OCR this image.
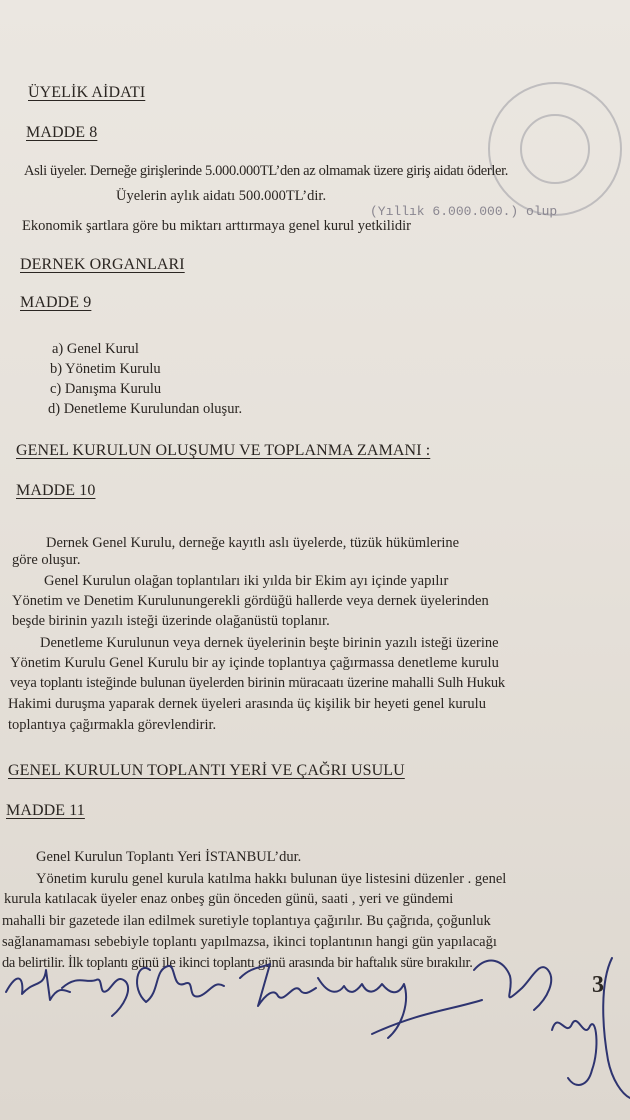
ÜYELİK AİDATI
MADDE 8
Asli üyeler. Derneğe girişlerinde 5.000.000TL’den az olmamak üzere giriş aidatı öderler.
Üyelerin aylık aidatı 500.000TL’dir.
(Yıllık 6.000.000.) olup
Ekonomik şartlara göre bu miktarı arttırmaya genel kurul yetkilidir
DERNEK ORGANLARI
MADDE 9
a) Genel Kurul
b) Yönetim Kurulu
c) Danışma Kurulu
d) Denetleme Kurulundan oluşur.
GENEL KURULUN OLUŞUMU VE TOPLANMA ZAMANI :
MADDE 10
Dernek Genel Kurulu, derneğe kayıtlı aslı üyelerde, tüzük hükümlerine
göre oluşur.
Genel Kurulun olağan toplantıları iki yılda bir Ekim ayı içinde yapılır
Yönetim ve Denetim Kurulunungerekli gördüğü hallerde veya dernek üyelerinden
beşde birinin yazılı isteği üzerinde olağanüstü toplanır.
Denetleme Kurulunun veya dernek üyelerinin beşte birinin yazılı isteği üzerine
Yönetim Kurulu Genel Kurulu bir ay içinde toplantıya çağırmassa denetleme kurulu
veya toplantı isteğinde bulunan üyelerden birinin müracaatı üzerine mahalli Sulh Hukuk
Hakimi duruşma yaparak dernek üyeleri arasında üç kişilik bir heyeti genel kurulu
toplantıya çağırmakla görevlendirir.
GENEL KURULUN TOPLANTI YERİ VE ÇAĞRI USULU
MADDE 11
Genel Kurulun Toplantı Yeri İSTANBUL’dur.
Yönetim kurulu genel kurula katılma hakkı bulunan üye listesini düzenler . genel
kurula katılacak üyeler enaz onbeş gün önceden günü, saati , yeri ve gündemi
mahalli bir gazetede ilan edilmek suretiyle toplantıya çağırılır. Bu çağrıda, çoğunluk
sağlanamaması sebebiyle toplantı yapılmazsa, ikinci toplantının hangi gün yapılacağı
da belirtilir. İlk toplantı günü ile ikinci toplantı günü arasında bir haftalık süre bırakılır.
3
